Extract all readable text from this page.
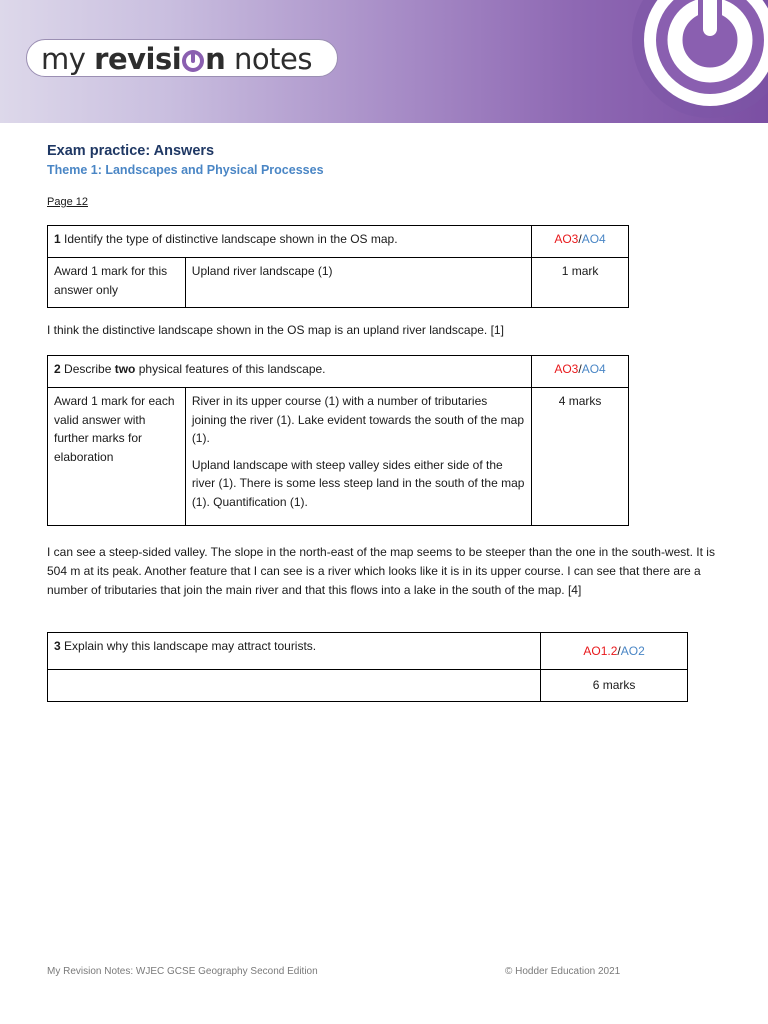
my revisi n notes
Exam practice: Answers
Theme 1: Landscapes and Physical Processes
Page 12
1 Identify the type of distinctive landscape shown in the OS map.		AO3/AO4
Award 1 mark for this answer only	Upland river landscape (1)	1 mark
I think the distinctive landscape shown in the OS map is an upland river landscape. [1]
2 Describe two physical features of this landscape.		AO3/AO4
Award 1 mark for each valid answer with further marks for elaboration	River in its upper course (1) with a number of tributaries joining the river (1). Lake evident towards the south of the map (1).

Upland landscape with steep valley sides either side of the river (1). There is some less steep land in the south of the map (1). Quantification (1).	4 marks
I can see a steep-sided valley. The slope in the north-east of the map seems to be steeper than the one in the south-west. It is 504 m at its peak. Another feature that I can see is a river which looks like it is in its upper course. I can see that there are a number of tributaries that join the main river and that this flows into a lake in the south of the map. [4]
3 Explain why this landscape may attract tourists.	AO1.2/AO2
	6 marks
My Revision Notes: WJEC GCSE Geography Second Edition	© Hodder Education 2021
